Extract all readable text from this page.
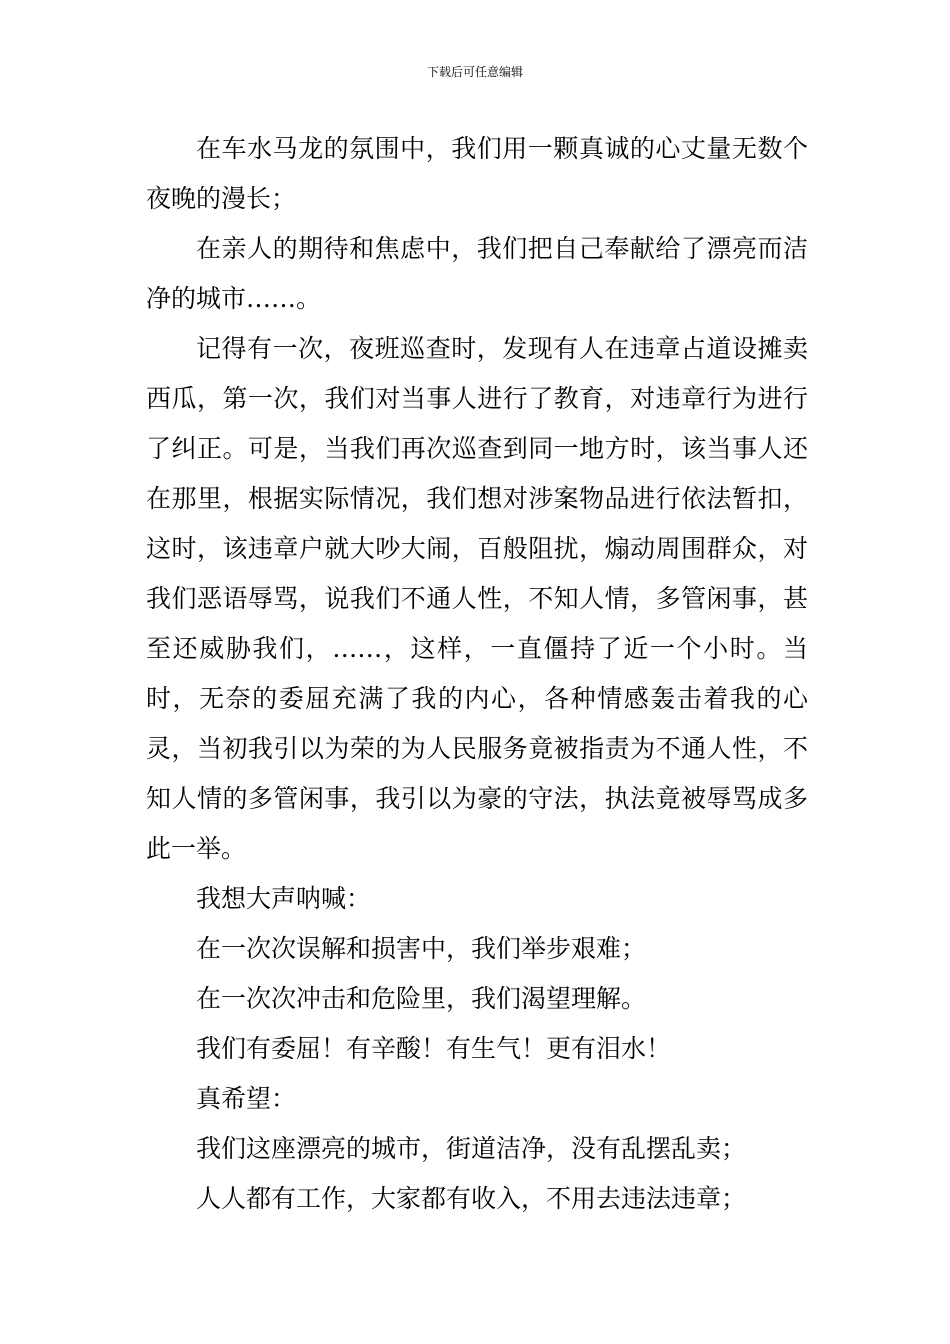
下载后可任意编辑

在车水马龙的氛围中，我们用一颗真诚的心丈量无数个夜晚的漫长；

在亲人的期待和焦虑中，我们把自己奉献给了漂亮而洁净的城市……。

记得有一次，夜班巡查时，发现有人在违章占道设摊卖西瓜，第一次，我们对当事人进行了教育，对违章行为进行了纠正。可是，当我们再次巡查到同一地方时，该当事人还在那里，根据实际情况，我们想对涉案物品进行依法暂扣，这时，该违章户就大吵大闹，百般阻扰，煽动周围群众，对我们恶语辱骂，说我们不通人性，不知人情，多管闲事，甚至还威胁我们，……，这样，一直僵持了近一个小时。当时，无奈的委屈充满了我的内心，各种情感轰击着我的心灵，当初我引以为荣的为人民服务竟被指责为不通人性，不知人情的多管闲事，我引以为豪的守法，执法竟被辱骂成多此一举。

我想大声呐喊：

在一次次误解和损害中，我们举步艰难；

在一次次冲击和危险里，我们渴望理解。

我们有委屈！有辛酸！有生气！更有泪水！

真希望：

我们这座漂亮的城市，街道洁净，没有乱摆乱卖；

人人都有工作，大家都有收入，不用去违法违章；
